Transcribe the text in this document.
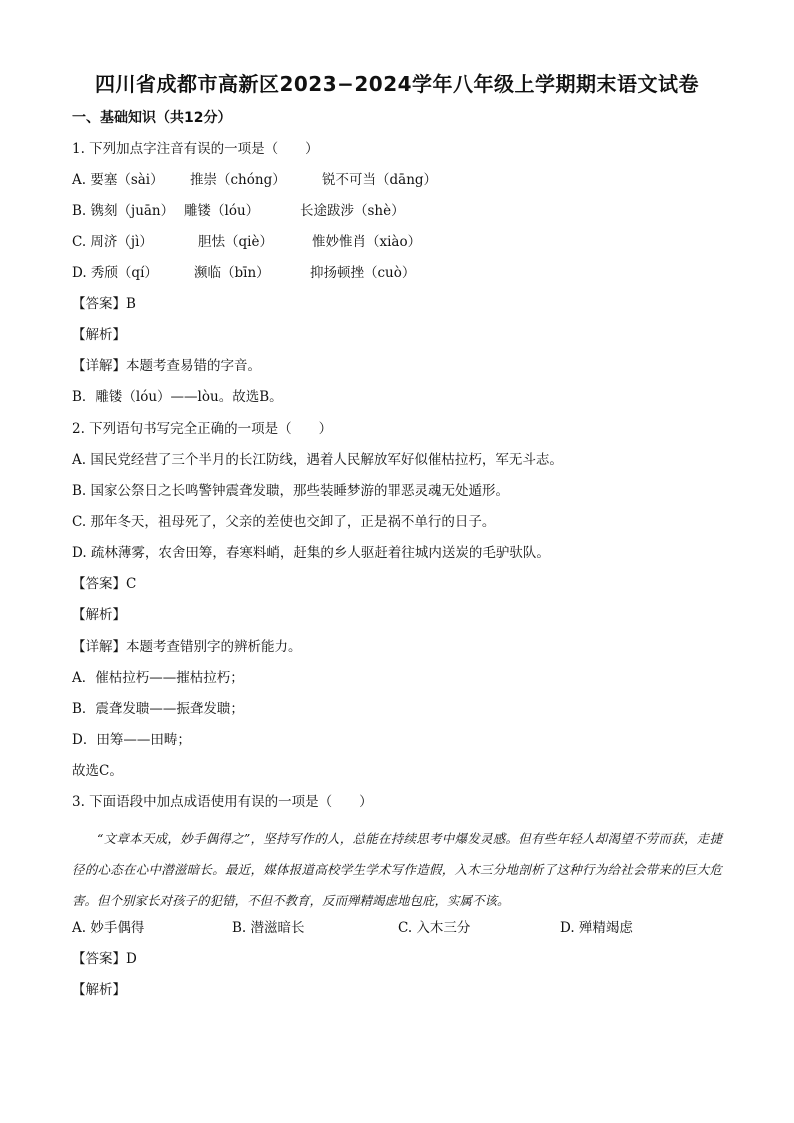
四川省成都市高新区2023−2024学年八年级上学期期末语文试卷
一、基础知识（共12分）
1. 下列加点字注音有误的一项是（　　）
A. 要塞（sài） 推崇（chóng）	锐不可当（dāng）
B. 镌刻（juān） 雕镂（lóu）	长途跋涉（shè）
C. 周济（jì）	胆怯（qiè）	惟妙惟肖（xiào）
D. 秀颀（qí）	濒临（bīn）	抑扬顿挫（cuò）
【答案】B
【解析】
【详解】本题考查易错的字音。
B．雕镂（lóu）——lòu。故选B。
2. 下列语句书写完全正确的一项是（　　）
A. 国民党经营了三个半月的长江防线，遇着人民解放军好似催枯拉朽，军无斗志。
B. 国家公祭日之长鸣警钟震聋发聩，那些装睡梦游的罪恶灵魂无处遁形。
C. 那年冬天，祖母死了，父亲的差使也交卸了，正是祸不单行的日子。
D. 疏林薄雾，农舍田筹，春寒料峭，赶集的乡人驱赶着往城内送炭的毛驴驮队。
【答案】C
【解析】
【详解】本题考查错别字的辨析能力。
A．催枯拉朽——摧枯拉朽；
B．震聋发聩——振聋发聩；
D．田筹——田畴；
故选C。
3. 下面语段中加点成语使用有误的一项是（　　）
“文章本天成，妙手偶得之”，坚持写作的人，总能在持续思考中爆发灵感。但有些年轻人却渴望不劳而获，走捷径的心态在心中潜滋暗长。最近，媒体报道高校学生学术写作造假，入木三分地剖析了这种行为给社会带来的巨大危害。但个别家长对孩子的犯错，不但不教育，反而殚精竭虑地包庇，实属不该。
A. 妙手偶得	B. 潜滋暗长	C. 入木三分	D. 殚精竭虑
【答案】D
【解析】
